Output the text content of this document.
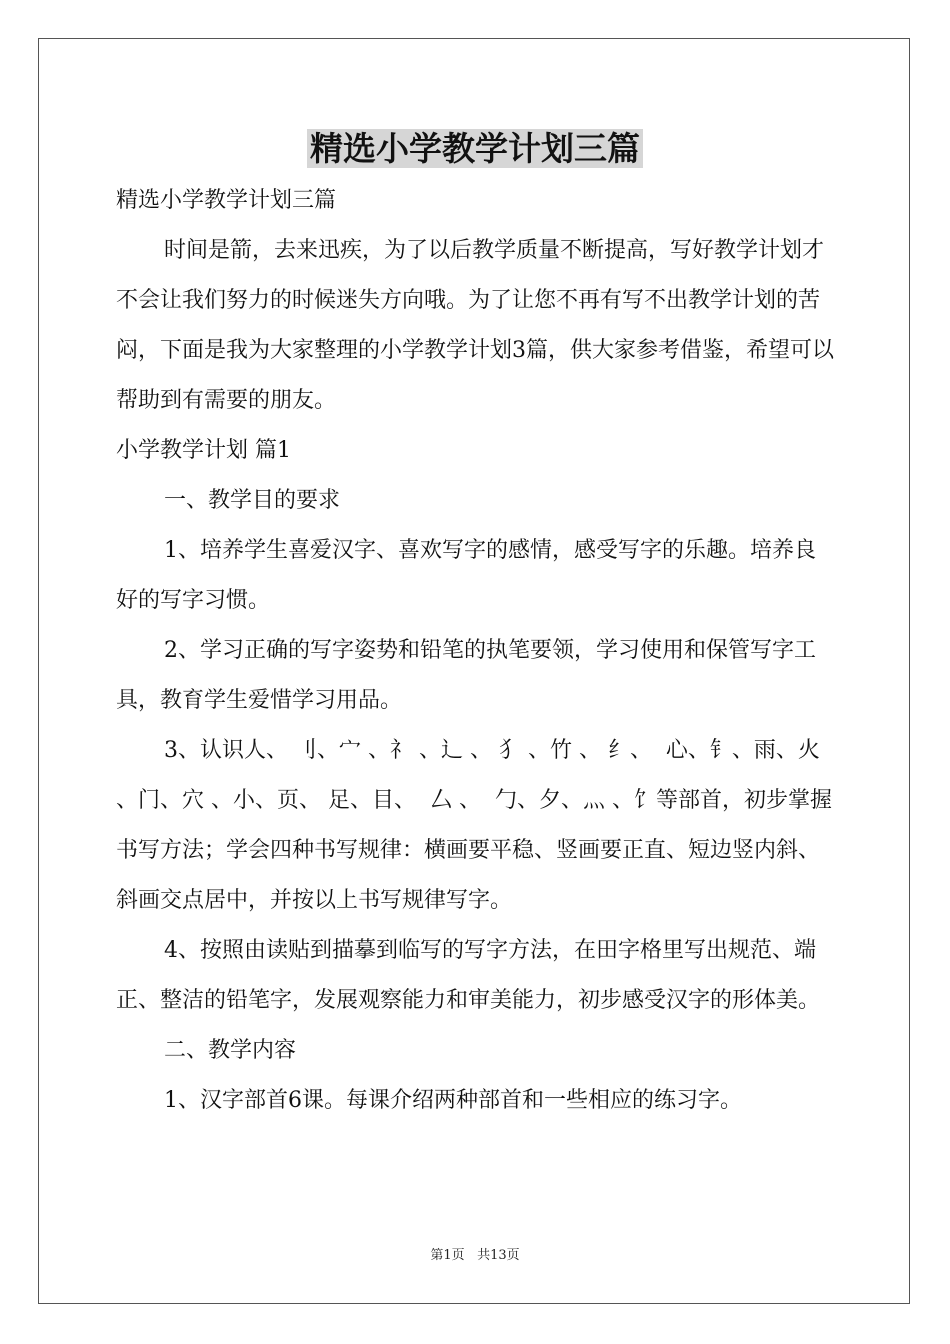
精选小学教学计划三篇

精选小学教学计划三篇

时间是箭，去来迅疾，为了以后教学质量不断提高，写好教学计划才不会让我们努力的时候迷失方向哦。为了让您不再有写不出教学计划的苦闷，下面是我为大家整理的小学教学计划3篇，供大家参考借鉴，希望可以帮助到有需要的朋友。

小学教学计划 篇1

一、教学目的要求

1、培养学生喜爱汉字、喜欢写字的感情，感受写字的乐趣。培养良好的写字习惯。

2、学习正确的写字姿势和铅笔的执笔要领，学习使用和保管写字工具，教育学生爱惜学习用品。

3、认识人、 刂、宀 、礻 、辶 、 犭 、竹 、 纟、  心、钅、雨、火 、门、穴 、小、页、 足、目、  厶 、  勹、夕、灬 、饣等部首，初步掌握书写方法；学会四种书写规律：横画要平稳、竖画要正直、短边竖内斜、斜画交点居中，并按以上书写规律写字。

4、按照由读贴到描摹到临写的写字方法，在田字格里写出规范、端正、整洁的铅笔字，发展观察能力和审美能力，初步感受汉字的形体美。

二、教学内容

1、汉字部首6课。每课介绍两种部首和一些相应的练习字。

第1页 共13页
